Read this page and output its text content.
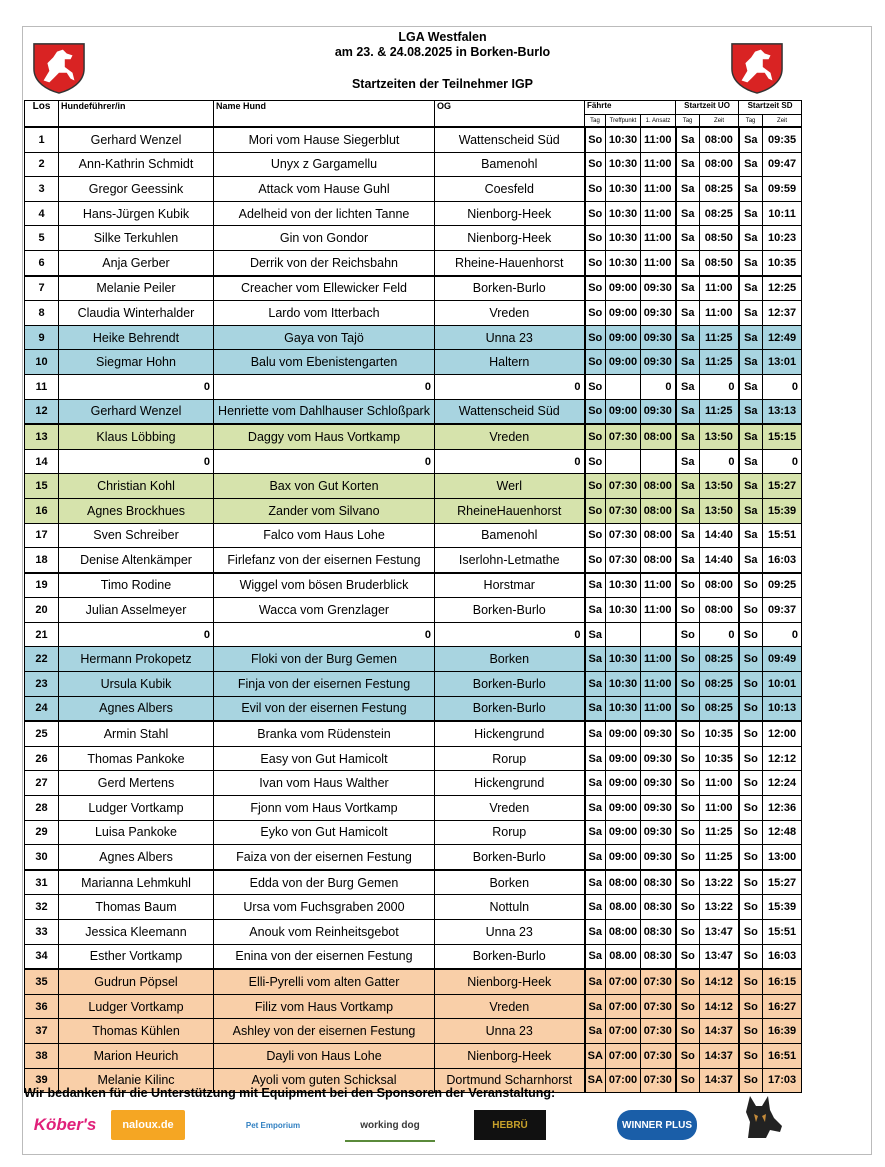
LGA Westfalen
am 23. & 24.08.2025 in Borken-Burlo
Startzeiten der Teilnehmer IGP
Los	Hundeführer/in	Name Hund	OG	Fährte			Startzeit UO		Startzeit SD	
				Tag	Treffpunkt	1. Ansatz	Tag	Zeit	Tag	Zeit
1	Gerhard Wenzel	Mori vom Hause Siegerblut	Wattenscheid Süd	So	10:30	11:00	Sa	08:00	Sa	09:35
2	Ann-Kathrin Schmidt	Unyx z Gargamellu	Bamenohl	So	10:30	11:00	Sa	08:00	Sa	09:47
3	Gregor Geessink	Attack vom Hause Guhl	Coesfeld	So	10:30	11:00	Sa	08:25	Sa	09:59
4	Hans-Jürgen Kubik	Adelheid von der lichten Tanne	Nienborg-Heek	So	10:30	11:00	Sa	08:25	Sa	10:11
5	Silke Terkuhlen	Gin von Gondor	Nienborg-Heek	So	10:30	11:00	Sa	08:50	Sa	10:23
6	Anja Gerber	Derrik von der Reichsbahn	Rheine-Hauenhorst	So	10:30	11:00	Sa	08:50	Sa	10:35
7	Melanie Peiler	Creacher vom Ellewicker Feld	Borken-Burlo	So	09:00	09:30	Sa	11:00	Sa	12:25
8	Claudia Winterhalder	Lardo vom Itterbach	Vreden	So	09:00	09:30	Sa	11:00	Sa	12:37
9	Heike Behrendt	Gaya von Tajö	Unna 23	So	09:00	09:30	Sa	11:25	Sa	12:49
10	Siegmar Hohn	Balu vom Ebenistengarten	Haltern	So	09:00	09:30	Sa	11:25	Sa	13:01
11	0	0	0	So		0	Sa	0	Sa	0
12	Gerhard Wenzel	Henriette vom Dahlhauser Schloßpark	Wattenscheid Süd	So	09:00	09:30	Sa	11:25	Sa	13:13
13	Klaus Löbbing	Daggy vom Haus Vortkamp	Vreden	So	07:30	08:00	Sa	13:50	Sa	15:15
14	0	0	0	So			Sa	0	Sa	0
15	Christian Kohl	Bax von Gut Korten	Werl	So	07:30	08:00	Sa	13:50	Sa	15:27
16	Agnes Brockhues	Zander vom Silvano	RheineHauenhorst	So	07:30	08:00	Sa	13:50	Sa	15:39
17	Sven Schreiber	Falco vom Haus Lohe	Bamenohl	So	07:30	08:00	Sa	14:40	Sa	15:51
18	Denise Altenkämper	Firlefanz von der eisernen Festung	Iserlohn-Letmathe	So	07:30	08:00	Sa	14:40	Sa	16:03
19	Timo Rodine	Wiggel vom bösen Bruderblick	Horstmar	Sa	10:30	11:00	So	08:00	So	09:25
20	Julian Asselmeyer	Wacca vom Grenzlager	Borken-Burlo	Sa	10:30	11:00	So	08:00	So	09:37
21	0	0	0	Sa			So	0	So	0
22	Hermann Prokopetz	Floki von der Burg Gemen	Borken	Sa	10:30	11:00	So	08:25	So	09:49
23	Ursula Kubik	Finja von der eisernen Festung	Borken-Burlo	Sa	10:30	11:00	So	08:25	So	10:01
24	Agnes Albers	Evil von der eisernen Festung	Borken-Burlo	Sa	10:30	11:00	So	08:25	So	10:13
25	Armin Stahl	Branka vom Rüdenstein	Hickengrund	Sa	09:00	09:30	So	10:35	So	12:00
26	Thomas Pankoke	Easy von Gut Hamicolt	Rorup	Sa	09:00	09:30	So	10:35	So	12:12
27	Gerd Mertens	Ivan vom Haus Walther	Hickengrund	Sa	09:00	09:30	So	11:00	So	12:24
28	Ludger Vortkamp	Fjonn vom Haus Vortkamp	Vreden	Sa	09:00	09:30	So	11:00	So	12:36
29	Luisa Pankoke	Eyko von Gut Hamicolt	Rorup	Sa	09:00	09:30	So	11:25	So	12:48
30	Agnes Albers	Faiza von der eisernen Festung	Borken-Burlo	Sa	09:00	09:30	So	11:25	So	13:00
31	Marianna Lehmkuhl	Edda von der Burg Gemen	Borken	Sa	08:00	08:30	So	13:22	So	15:27
32	Thomas Baum	Ursa vom Fuchsgraben 2000	Nottuln	Sa	08.00	08:30	So	13:22	So	15:39
33	Jessica Kleemann	Anouk vom Reinheitsgebot	Unna 23	Sa	08:00	08:30	So	13:47	So	15:51
34	Esther Vortkamp	Enina von der eisernen Festung	Borken-Burlo	Sa	08.00	08:30	So	13:47	So	16:03
35	Gudrun Pöpsel	Elli-Pyrelli vom alten Gatter	Nienborg-Heek	Sa	07:00	07:30	So	14:12	So	16:15
36	Ludger Vortkamp	Filiz vom Haus Vortkamp	Vreden	Sa	07:00	07:30	So	14:12	So	16:27
37	Thomas Kühlen	Ashley von der eisernen Festung	Unna 23	Sa	07:00	07:30	So	14:37	So	16:39
38	Marion Heurich	Dayli von Haus Lohe	Nienborg-Heek	SA	07:00	07:30	So	14:37	So	16:51
39	Melanie Kilinc	Ayoli vom guten Schicksal	Dortmund Scharnhorst	SA	07:00	07:30	So	14:37	So	17:03
Wir bedanken für die Unterstützung mit Equipment bei den Sponsoren der Veranstaltung:
Köber's	naloux.de	Pet Emporium	working dog	HEBRÜ	WINNER PLUS
